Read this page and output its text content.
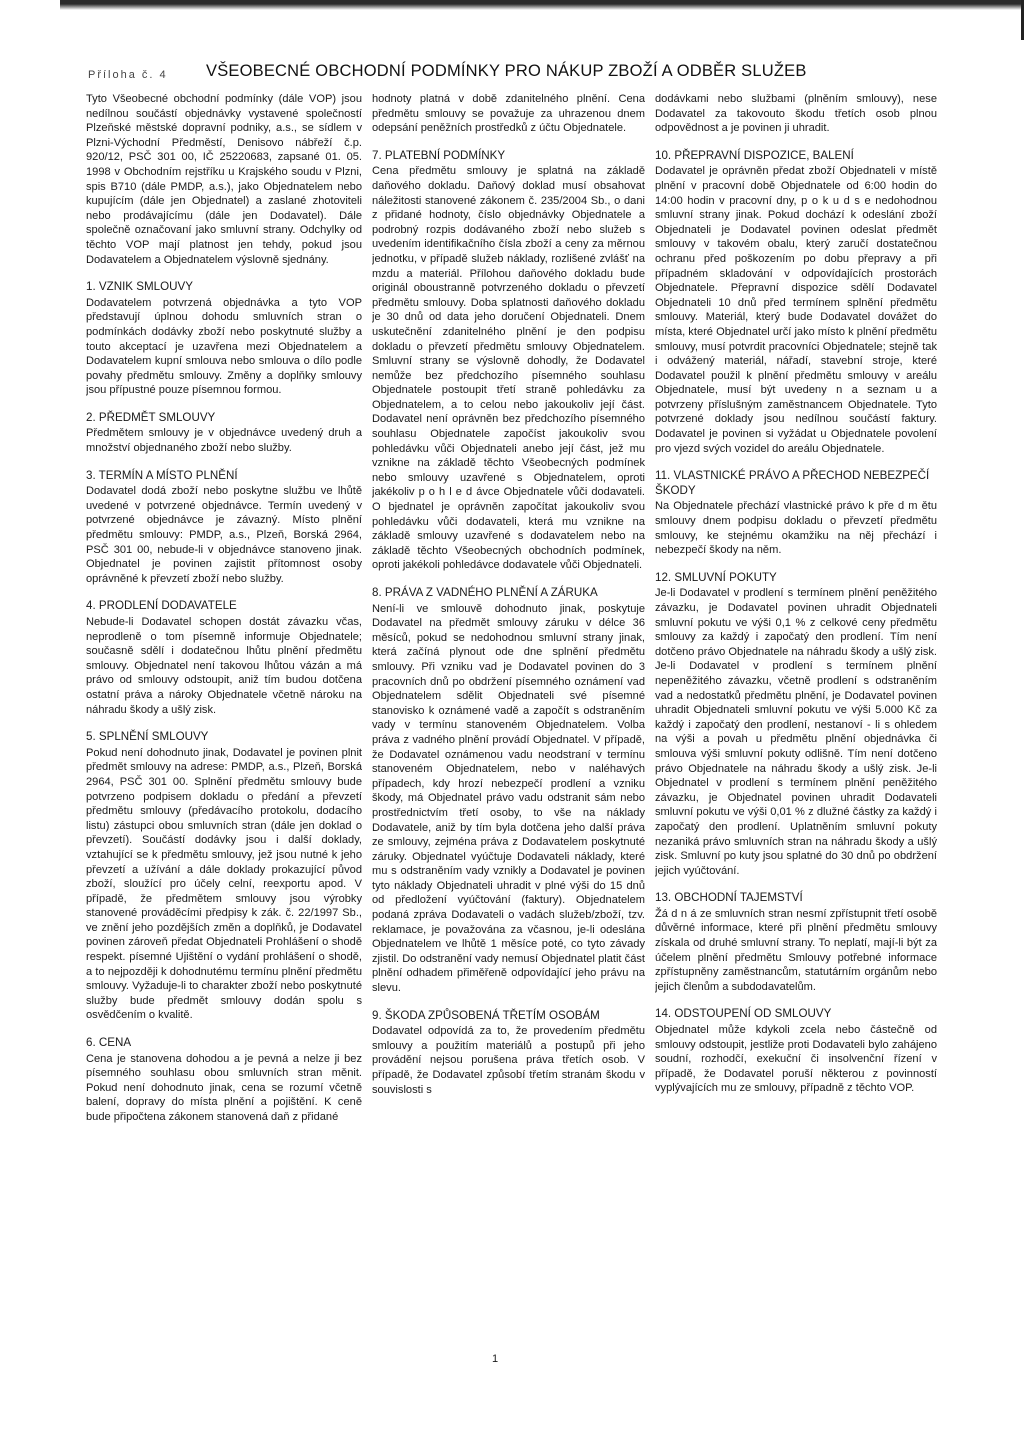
Příloha č. 4 VŠEOBECNÉ OBCHODNÍ PODMÍNKY PRO NÁKUP ZBOŽÍ A ODBĚR SLUŽEB
Tyto Všeobecné obchodní podmínky (dále VOP) jsou nedílnou součástí objednávky vystavené společností Plzeňské městské dopravní podniky, a.s., se sídlem v Plzni-Východní Předměstí, Denisovo nábřeží č.p. 920/12, PSČ 301 00, IČ 25220683, zapsané 01. 05. 1998 v Obchodním rejstříku u Krajského soudu v Plzni, spis B710 (dále PMDP, a.s.), jako Objednatelem nebo kupujícím (dále jen Objednatel) a zaslané zhotoviteli nebo prodávajícímu (dále jen Dodavatel). Dále společně označovaní jako smluvní strany. Odchylky od těchto VOP mají platnost jen tehdy, pokud jsou Dodavatelem a Objednatelem výslovně sjednány.
1. VZNIK SMLOUVY
Dodavatelem potvrzená objednávka a tyto VOP představují úplnou dohodu smluvních stran o podmínkách dodávky zboží nebo poskytnuté služby a touto akceptací je uzavřena mezi Objednatelem a Dodavatelem kupní smlouva nebo smlouva o dílo podle povahy předmětu smlouvy. Změny a doplňky smlouvy jsou přípustné pouze písemnou formou.
2. PŘEDMĚT SMLOUVY
Předmětem smlouvy je v objednávce uvedený druh a množství objednaného zboží nebo služby.
3. TERMÍN A MÍSTO PLNĚNÍ
Dodavatel dodá zboží nebo poskytne službu ve lhůtě uvedené v potvrzené objednávce. Termín uvedený v potvrzené objednávce je závazný. Místo plnění předmětu smlouvy: PMDP, a.s., Plzeň, Borská 2964, PSČ 301 00, nebude-li v objednávce stanoveno jinak. Objednatel je povinen zajistit přítomnost osoby oprávněné k převzetí zboží nebo služby.
4. PRODLENÍ DODAVATELE
Nebude-li Dodavatel schopen dostát závazku včas, neprodleně o tom písemně informuje Objednatele; současně sdělí i dodatečnou lhůtu plnění předmětu smlouvy. Objednatel není takovou lhůtou vázán a má právo od smlouvy odstoupit, aniž tím budou dotčena ostatní práva a nároky Objednatele včetně nároku na náhradu škody a ušlý zisk.
5. SPLNĚNÍ SMLOUVY
Pokud není dohodnuto jinak, Dodavatel je povinen plnit předmět smlouvy na adrese: PMDP, a.s., Plzeň, Borská 2964, PSČ 301 00. Splnění předmětu smlouvy bude potvrzeno podpisem dokladu o předání a převzetí předmětu smlouvy (předávacího protokolu, dodacího listu) zástupci obou smluvních stran (dále jen doklad o převzetí). Součástí dodávky jsou i další doklady, vztahující se k předmětu smlouvy, jež jsou nutné k jeho převzetí a užívání a dále doklady prokazující původ zboží, sloužící pro účely celní, reexportu apod. V případě, že předmětem smlouvy jsou výrobky stanovené prováděcími předpisy k zák. č. 22/1997 Sb., ve znění jeho pozdějších změn a doplňků, je Dodavatel povinen zároveň předat Objednateli Prohlášení o shodě respekt. písemné Ujištění o vydání prohlášení o shodě, a to nejpozději k dohodnutému termínu plnění předmětu smlouvy. Vyžaduje-li to charakter zboží nebo poskytnuté služby bude předmět smlouvy dodán spolu s osvědčením o kvalitě.
6. CENA
Cena je stanovena dohodou a je pevná a nelze ji bez písemného souhlasu obou smluvních stran měnit. Pokud není dohodnuto jinak, cena se rozumí včetně balení, dopravy do místa plnění a pojištění. K ceně bude připočtena zákonem stanovená daň z přidané
hodnoty platná v době zdanitelného plnění. Cena předmětu smlouvy se považuje za uhrazenou dnem odepsání peněžních prostředků z účtu Objednatele.
7. PLATEBNÍ PODMÍNKY
Cena předmětu smlouvy je splatná na základě daňového dokladu. Daňový doklad musí obsahovat náležitosti stanovené zákonem č. 235/2004 Sb., o dani z přidané hodnoty, číslo objednávky Objednatele a podrobný rozpis dodávaného zboží nebo služeb s uvedením identifikačního čísla zboží a ceny za měrnou jednotku, v případě služeb náklady, rozlišené zvlášť na mzdu a materiál. Přílohou daňového dokladu bude originál oboustranně potvrzeného dokladu o převzetí předmětu smlouvy. Doba splatnosti daňového dokladu je 30 dnů od data jeho doručení Objednateli. Dnem uskutečnění zdanitelného plnění je den podpisu dokladu o převzetí předmětu smlouvy Objednatelem. Smluvní strany se výslovně dohodly, že Dodavatel nemůže bez předchozího písemného souhlasu Objednatele postoupit třetí straně pohledávku za Objednatelem, a to celou nebo jakoukoliv její část. Dodavatel není oprávněn bez předchozího písemného souhlasu Objednatele započíst jakoukoliv svou pohledávku vůči Objednateli anebo její část, jež mu vznikne na základě těchto Všeobecných podmínek nebo smlouvy uzavřené s Objednatelem, oproti jakékoliv p o h l e d ávce Objednatele vůči dodavateli. O bjednatel je oprávněn započítat jakoukoliv svou pohledávku vůči dodavateli, která mu vznikne na základě smlouvy uzavřené s dodavatelem nebo na základě těchto Všeobecných obchodních podmínek, oproti jakékoli pohledávce dodavatele vůči Objednateli.
8. PRÁVA Z VADNÉHO PLNĚNÍ A ZÁRUKA
Není-li ve smlouvě dohodnuto jinak, poskytuje Dodavatel na předmět smlouvy záruku v délce 36 měsíců, pokud se nedohodnou smluvní strany jinak, která začíná plynout ode dne splnění předmětu smlouvy. Při vzniku vad je Dodavatel povinen do 3 pracovních dnů po obdržení písemného oznámení vad Objednatelem sdělit Objednateli své písemné stanovisko k oznámené vadě a započít s odstraněním vady v termínu stanoveném Objednatelem. Volba práva z vadného plnění provádí Objednatel. V případě, že Dodavatel oznámenou vadu neodstraní v termínu stanoveném Objednatelem, nebo v naléhavých případech, kdy hrozí nebezpečí prodlení a vzniku škody, má Objednatel právo vadu odstranit sám nebo prostřednictvím třetí osoby, to vše na náklady Dodavatele, aniž by tím byla dotčena jeho další práva ze smlouvy, zejména práva z Dodavatelem poskytnuté záruky. Objednatel vyúčtuje Dodavateli náklady, které mu s odstraněním vady vznikly a Dodavatel je povinen tyto náklady Objednateli uhradit v plné výši do 15 dnů od předložení vyúčtování (faktury). Objednatelem podaná zpráva Dodavateli o vadách služeb/zboží, tzv. reklamace, je považována za včasnou, je-li odeslána Objednatelem ve lhůtě 1 měsíce poté, co tyto závady zjistil. Do odstranění vady nemusí Objednatel platit část plnění odhadem přiměřeně odpovídající jeho právu na slevu.
9. ŠKODA ZPŮSOBENÁ TŘETÍM OSOBÁM
Dodavatel odpovídá za to, že provedením předmětu smlouvy a použitím materiálů a postupů při jeho provádění nejsou porušena práva třetích osob. V případě, že Dodavatel způsobí třetím stranám škodu v souvislosti s
dodávkami nebo službami (plněním smlouvy), nese Dodavatel za takovouto škodu třetích osob plnou odpovědnost a je povinen ji uhradit.
10. PŘEPRAVNÍ DISPOZICE, BALENÍ
Dodavatel je oprávněn předat zboží Objednateli v místě plnění v pracovní době Objednatele od 6:00 hodin do 14:00 hodin v pracovní dny, p o k u d s e nedohodnou smluvní strany jinak. Pokud dochází k odeslání zboží Objednateli je Dodavatel povinen odeslat předmět smlouvy v takovém obalu, který zaručí dostatečnou ochranu před poškozením po dobu přepravy a při případném skladování v odpovídajících prostorách Objednatele. Přepravní dispozice sdělí Dodavatel Objednateli 10 dnů před termínem splnění předmětu smlouvy. Materiál, který bude Dodavatel dovážet do místa, které Objednatel určí jako místo k plnění předmětu smlouvy, musí potvrdit pracovníci Objednatele; stejně tak i odvážený materiál, nářadí, stavební stroje, které Dodavatel použil k plnění předmětu smlouvy v areálu Objednatele, musí být uvedeny n a seznam u a potvrzeny příslušným zaměstnancem Objednatele. Tyto potvrzené doklady jsou nedílnou součástí faktury. Dodavatel je povinen si vyžádat u Objednatele povolení pro vjezd svých vozidel do areálu Objednatele.
11. VLASTNICKÉ PRÁVO A PŘECHOD NEBEZPEČÍ ŠKODY
Na Objednatele přechází vlastnické právo k pře d m ětu smlouvy dnem podpisu dokladu o převzetí předmětu smlouvy, ke stejnému okamžiku na něj přechází i nebezpečí škody na něm.
12. SMLUVNÍ POKUTY
Je-li Dodavatel v prodlení s termínem plnění peněžitého závazku, je Dodavatel povinen uhradit Objednateli smluvní pokutu ve výši 0,1 % z celkové ceny předmětu smlouvy za každý i započatý den prodlení. Tím není dotčeno právo Objednatele na náhradu škody a ušlý zisk. Je-li Dodavatel v prodlení s termínem plnění nepeněžitého závazku, včetně prodlení s odstraněním vad a nedostatků předmětu plnění, je Dodavatel povinen uhradit Objednateli smluvní pokutu ve výši 5.000 Kč za každý i započatý den prodlení, nestanoví - li s ohledem na výši a povah u předmětu plnění objednávka či smlouva výši smluvní pokuty odlišně. Tím není dotčeno právo Objednatele na náhradu škody a ušlý zisk. Je-li Objednatel v prodlení s termínem plnění peněžitého závazku, je Objednatel povinen uhradit Dodavateli smluvní pokutu ve výši 0,01 % z dlužné částky za každý i započatý den prodlení. Uplatněním smluvní pokuty nezaniká právo smluvních stran na náhradu škody a ušlý zisk. Smluvní po kuty jsou splatné do 30 dnů po obdržení jejich vyúčtování.
13. OBCHODNÍ TAJEMSTVÍ
Žá d n á ze smluvních stran nesmí zpřístupnit třetí osobě důvěrné informace, které při plnění předmětu smlouvy získala od druhé smluvní strany. To neplatí, mají-li být za účelem plnění předmětu Smlouvy potřebné informace zpřístupněny zaměstnancům, statutárním orgánům nebo jejich členům a subdodavatelům.
14. ODSTOUPENÍ OD SMLOUVY
Objednatel může kdykoli zcela nebo částečně od smlouvy odstoupit, jestliže proti Dodavateli bylo zahájeno soudní, rozhodčí, exekuční či insolvenční řízení v případě, že Dodavatel poruší některou z povinností vyplývajících mu ze smlouvy, případně z těchto VOP.
1
